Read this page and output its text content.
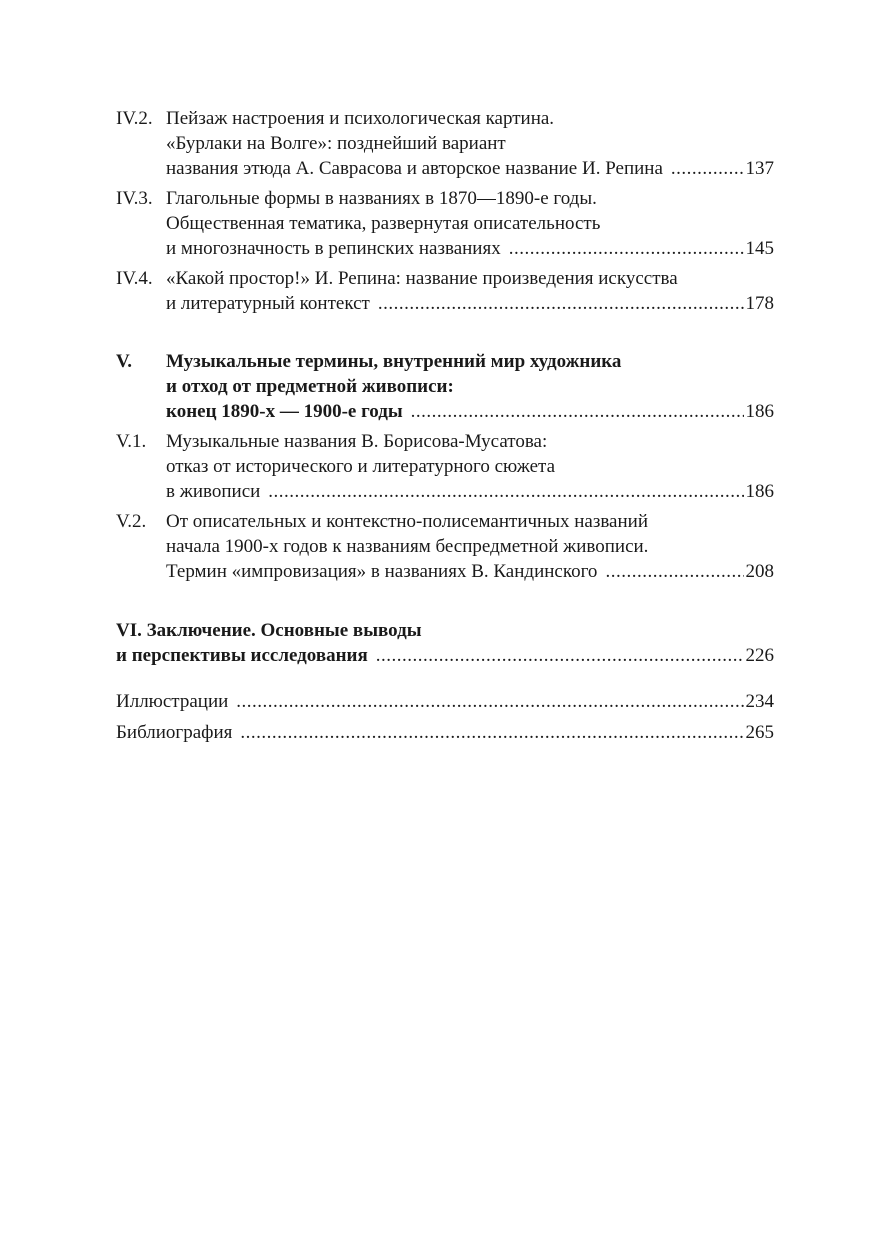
IV.2. Пейзаж настроения и психологическая картина.
«Бурлаки на Волге»: позднейший вариант
названия этюда А. Саврасова и авторское название И. Репина .....	137
IV.3. Глагольные формы в названиях в 1870—1890-е годы.
Общественная тематика, развернутая описательность
и многозначность в репинских названиях .....	145
IV.4. «Какой простор!» И. Репина: название произведения искусства
и литературный контекст .....	178
V.	Музыкальные термины, внутренний мир художника
и отход от предметной живописи:
конец 1890-х — 1900-е годы .....	186
V.1.	Музыкальные названия В. Борисова-Мусатова:
отказ от исторического и литературного сюжета
в живописи .....	186
V.2.	От описательных и контекстно-полисемантичных названий
начала 1900-х годов к названиям беспредметной живописи.
Термин «импровизация» в названиях В. Кандинского .....	208
VI. Заключение. Основные выводы
и перспективы исследования .....	226
Иллюстрации .....	234
Библиография .....	265
